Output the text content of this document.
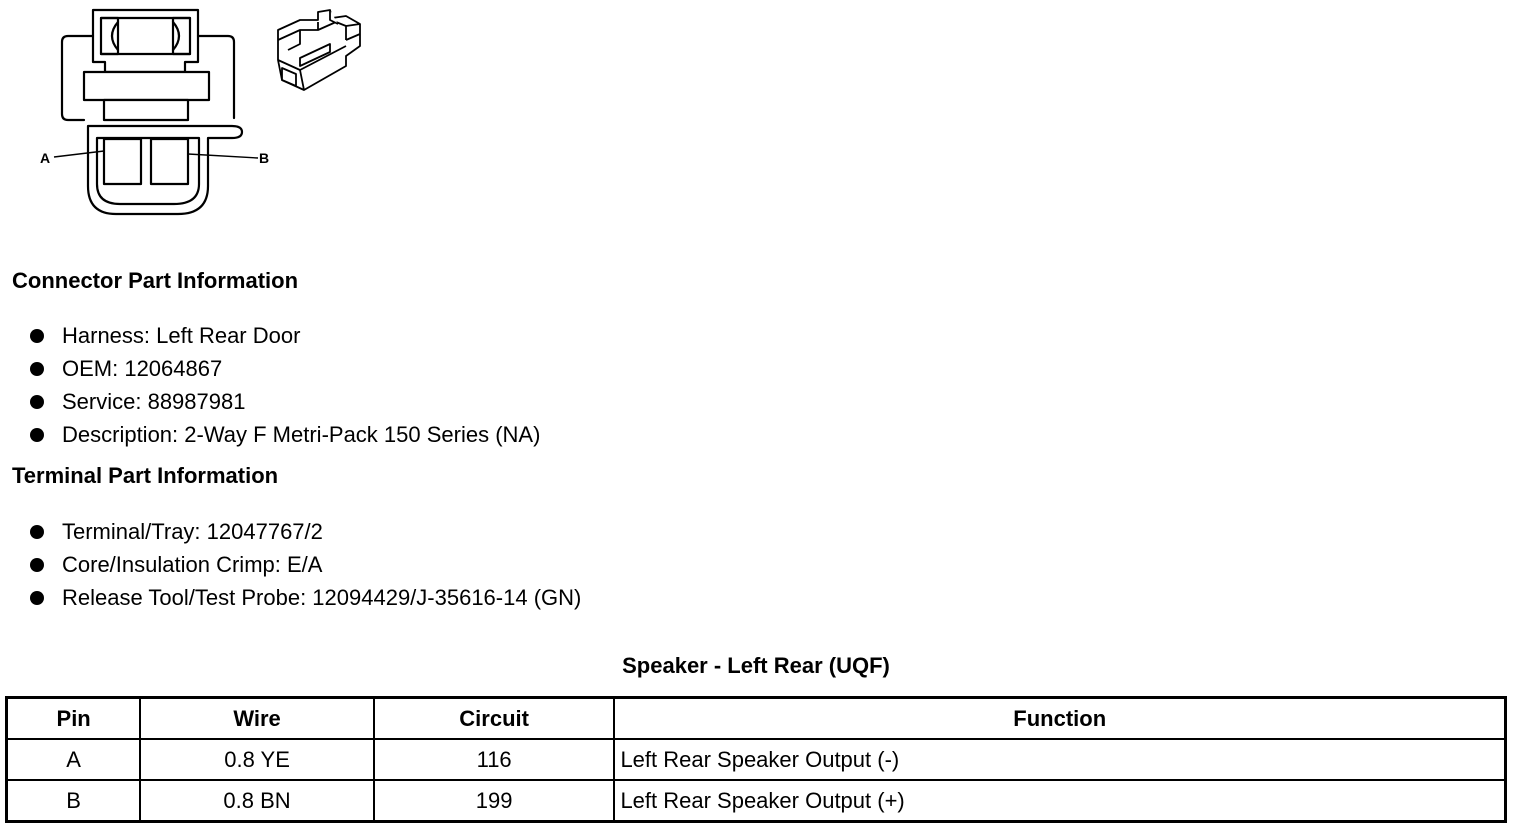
A	B
Connector Part Information
Harness: Left Rear Door
OEM: 12064867
Service: 88987981
Description: 2-Way F Metri-Pack 150 Series (NA)
Terminal Part Information
Terminal/Tray: 12047767/2
Core/Insulation Crimp: E/A
Release Tool/Test Probe: 12094429/J-35616-14 (GN)
Speaker - Left Rear (UQF)
Pin	Wire	Circuit	Function
A	0.8 YE	116	Left Rear Speaker Output (-)
B	0.8 BN	199	Left Rear Speaker Output (+)
